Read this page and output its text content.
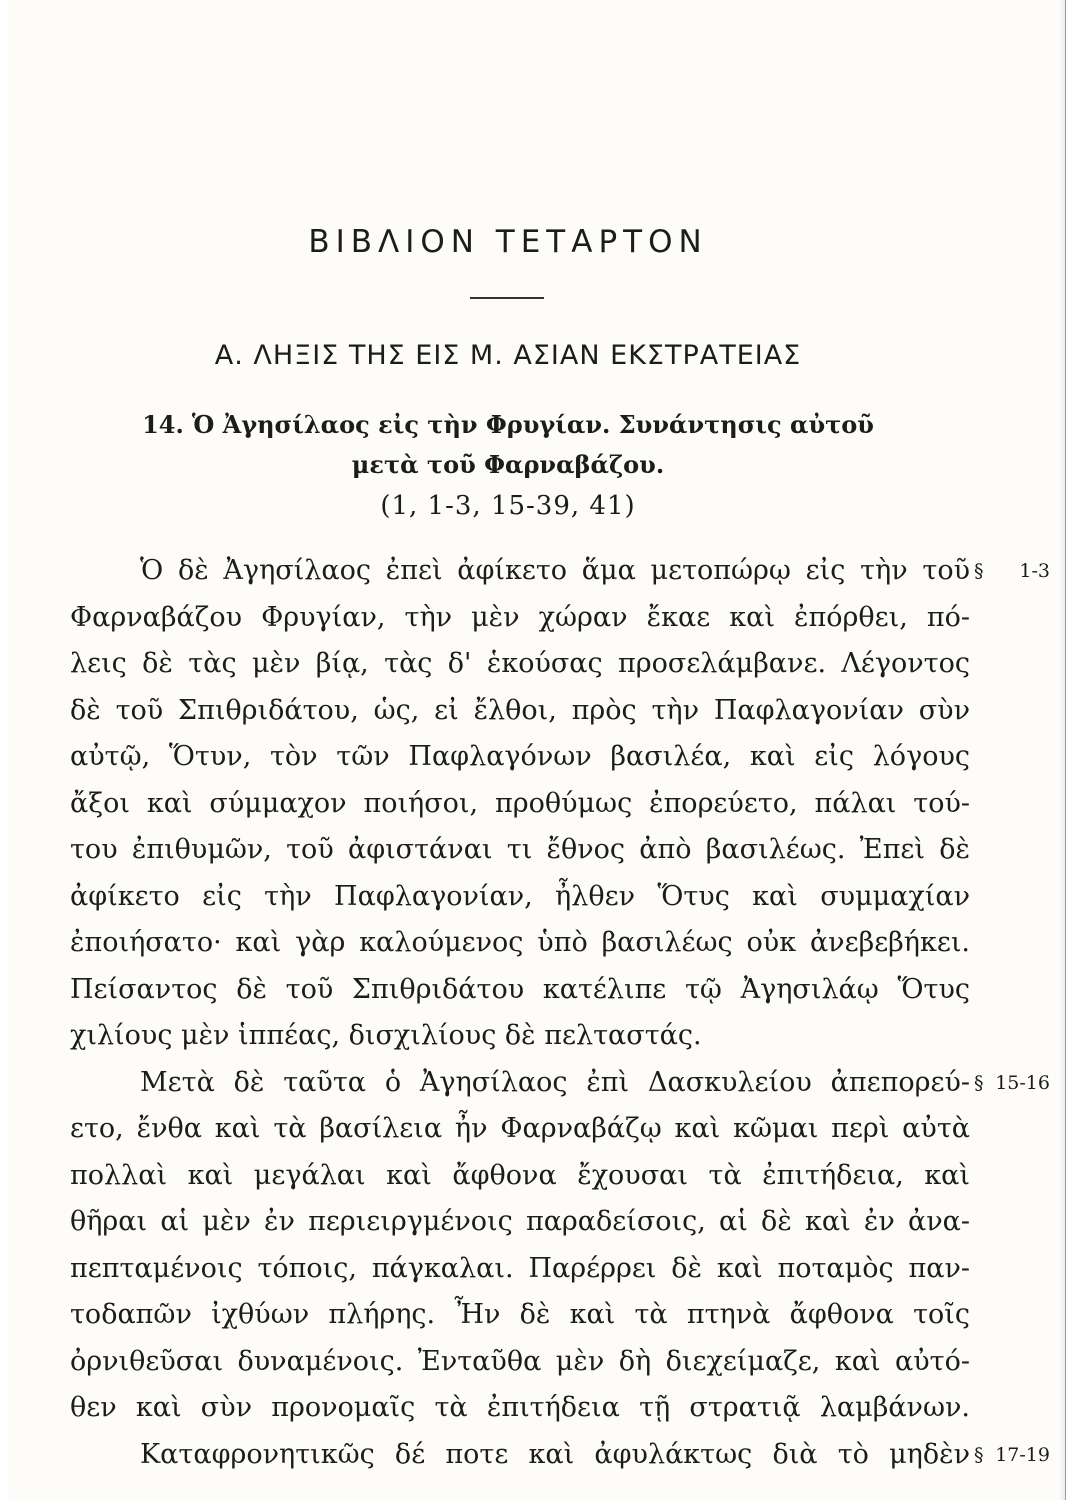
ΒΙΒΛΙΟΝ ΤΕΤΑΡΤΟΝ
Α. ΛΗΞΙΣ ΤΗΣ ΕΙΣ Μ. ΑΣΙΑΝ ΕΚΣΤΡΑΤΕΙΑΣ
14. Ὁ Ἀγησίλαος εἰς τὴν Φρυγίαν. Συνάντησις αὐτοῦ
μετὰ τοῦ Φαρναβάζου.
(1, 1-3, 15-39, 41)
Ὁ δὲ Ἀγησίλαος ἐπεὶ ἀφίκετο ἅμα μετοπώρῳ εἰς τὴν τοῦ § 1-3
Φαρναβάζου Φρυγίαν, τὴν μὲν χώραν ἔκαε καὶ ἐπόρθει, πό-
λεις δὲ τὰς μὲν βίᾳ, τὰς δ' ἑκούσας προσελάμβανε. Λέγοντος
δὲ τοῦ Σπιθριδάτου, ὡς, εἰ ἔλθοι, πρὸς τὴν Παφλαγονίαν σὺν
αὐτῷ, Ὅτυν, τὸν τῶν Παφλαγόνων βασιλέα, καὶ εἰς λόγους
ἄξοι καὶ σύμμαχον ποιήσοι, προθύμως ἐπορεύετο, πάλαι τού-
του ἐπιθυμῶν, τοῦ ἀφιστάναι τι ἔθνος ἀπὸ βασιλέως. Ἐπεὶ δὲ
ἀφίκετο εἰς τὴν Παφλαγονίαν, ἦλθεν Ὅτυς καὶ συμμαχίαν
ἐποιήσατο· καὶ γὰρ καλούμενος ὑπὸ βασιλέως οὐκ ἀνεβεβήκει.
Πείσαντος δὲ τοῦ Σπιθριδάτου κατέλιπε τῷ Ἀγησιλάῳ Ὅτυς
χιλίους μὲν ἱππέας, δισχιλίους δὲ πελταστάς.
Μετὰ δὲ ταῦτα ὁ Ἀγησίλαος ἐπὶ Δασκυλείου ἀπεπορεύ- § 15-16
ετο, ἔνθα καὶ τὰ βασίλεια ἦν Φαρναβάζῳ καὶ κῶμαι περὶ αὐτὰ
πολλαὶ καὶ μεγάλαι καὶ ἄφθονα ἔχουσαι τὰ ἐπιτήδεια, καὶ
θῆραι αἱ μὲν ἐν περιειργμένοις παραδείσοις, αἱ δὲ καὶ ἐν ἀνα-
πεπταμένοις τόποις, πάγκαλαι. Παρέρρει δὲ καὶ ποταμὸς παν-
τοδαπῶν ἰχθύων πλήρης. Ἦν δὲ καὶ τὰ πτηνὰ ἄφθονα τοῖς
ὀρνιθεῦσαι δυναμένοις. Ἐνταῦθα μὲν δὴ διεχείμαζε, καὶ αὐτό-
θεν καὶ σὺν προνομαῖς τὰ ἐπιτήδεια τῇ στρατιᾷ λαμβάνων.
Καταφρονητικῶς δέ ποτε καὶ ἀφυλάκτως διὰ τὸ μηδὲν § 17-19
